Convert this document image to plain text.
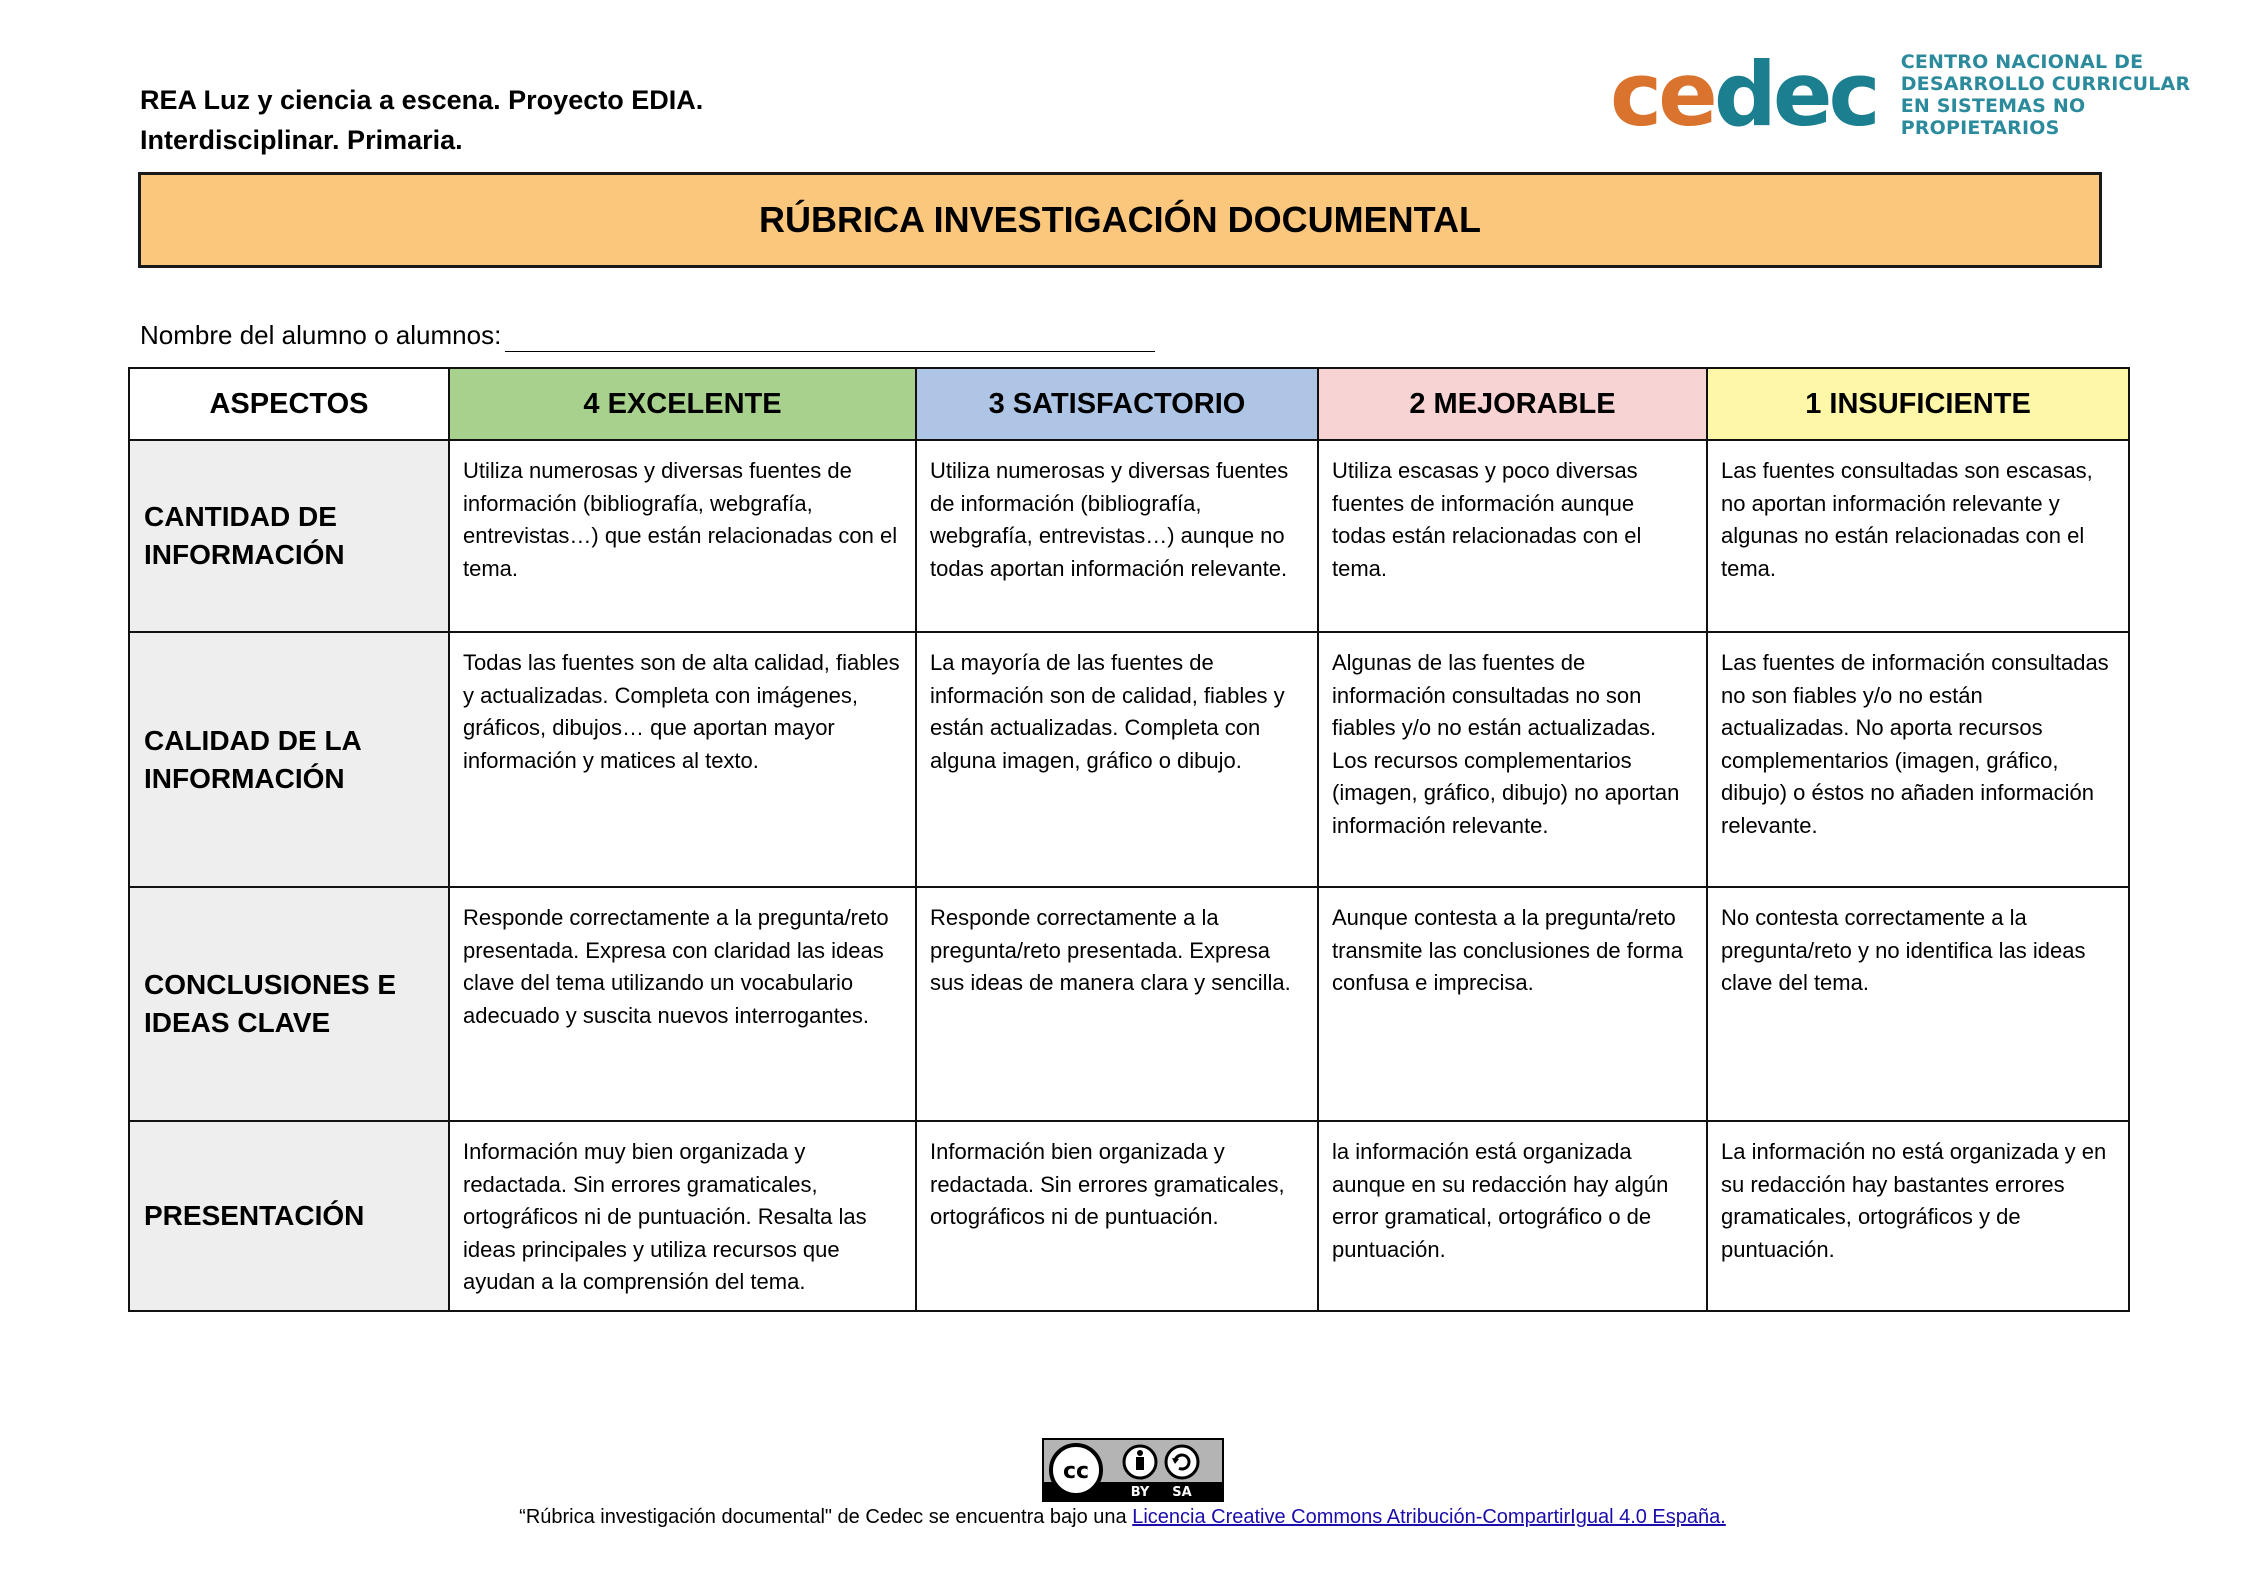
REA Luz y ciencia a escena. Proyecto EDIA.
Interdisciplinar. Primaria.	cedec CENTRO NACIONAL DE
DESARROLLO CURRICULAR
EN SISTEMAS NO PROPIETARIOS
RÚBRICA INVESTIGACIÓN DOCUMENTAL
Nombre del alumno o alumnos:
ASPECTOS	4 EXCELENTE	3 SATISFACTORIO	2 MEJORABLE	1 INSUFICIENTE

CANTIDAD DE
INFORMACIÓN	Utiliza numerosas y diversas fuentes de información (bibliografía, webgrafía, entrevistas…) que están relacionadas con el tema.	Utiliza numerosas y diversas fuentes de información (bibliografía, webgrafía, entrevistas…) aunque no todas aportan información relevante.	Utiliza escasas y poco diversas fuentes de información aunque todas están relacionadas con el tema.	Las fuentes consultadas son escasas, no aportan información relevante y algunas no están relacionadas con el tema.

CALIDAD DE LA
INFORMACIÓN	Todas las fuentes son de alta calidad, fiables y actualizadas. Completa con imágenes, gráficos, dibujos… que aportan mayor información y matices al texto.	La mayoría de las fuentes de información son de calidad, fiables y están actualizadas. Completa con alguna imagen, gráfico o dibujo.	Algunas de las fuentes de información consultadas no son fiables y/o no están actualizadas. Los recursos complementarios (imagen, gráfico, dibujo) no aportan información relevante.	Las fuentes de información consultadas no son fiables y/o no están actualizadas. No aporta recursos complementarios (imagen, gráfico, dibujo) o éstos no añaden información relevante.

CONCLUSIONES E
IDEAS CLAVE	Responde correctamente a la pregunta/reto presentada. Expresa con claridad las ideas clave del tema utilizando un vocabulario adecuado y suscita nuevos interrogantes.	Responde correctamente a la pregunta/reto presentada. Expresa sus ideas de manera clara y sencilla.	Aunque contesta a la pregunta/reto transmite las conclusiones de forma confusa e imprecisa.	No contesta correctamente a la pregunta/reto y no identifica las ideas clave del tema.

PRESENTACIÓN	Información muy bien organizada y redactada. Sin errores gramaticales, ortográficos ni de puntuación. Resalta las ideas principales y utiliza recursos que ayudan a la comprensión del tema.	Información bien organizada y redactada. Sin errores gramaticales, ortográficos ni de puntuación.	la información está organizada aunque en su redacción hay algún error gramatical, ortográfico o de puntuación.	La información no está organizada y en su redacción hay bastantes errores gramaticales, ortográficos y de puntuación.
cc
BY SA
“Rúbrica investigación documental" de Cedec se encuentra bajo una Licencia Creative Commons Atribución-CompartirIgual 4.0 España.
